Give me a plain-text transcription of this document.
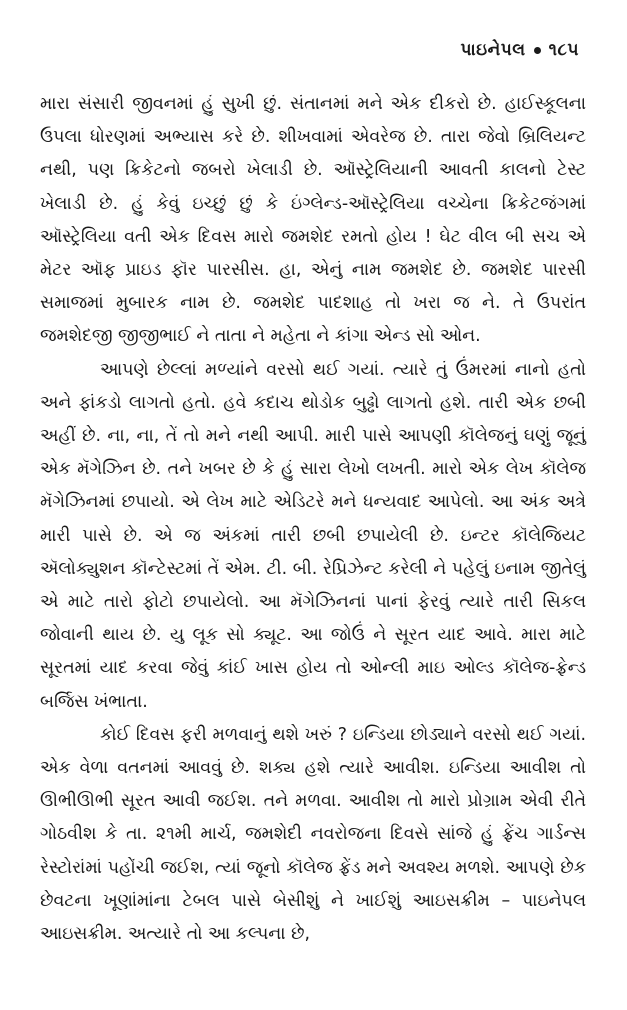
પાઇનેપલ ૧૮૫

મારા સંસારી જીવનમાં હું સુખી છું. સંતાનમાં મને એક દીકરો છે. હાઈસ્કૂલના ઉપલા ધોરણમાં અભ્યાસ કરે છે. શીખવામાં એવરેજ છે. તારા જેવો બ્રિલિયન્ટ નથી, પણ ક્રિકેટનો જબરો ખેલાડી છે. ઑસ્ટ્રેલિયાની આવતી કાલનો ટેસ્ટ ખેલાડી છે. હું કેવું ઇચ્છું છું કે ઇંગ્લેન્ડ-ઑસ્ટ્રેલિયા વચ્ચેના ક્રિકેટજંગમાં ઑસ્ટ્રેલિયા વતી એક દિવસ મારો જમશેદ રમતો હોય ! ઘેટ વીલ બી સચ એ મેટર ઑફ પ્રાઇડ ફૉર પારસીસ. હા, એનું નામ જમશેદ છે. જમશેદ પારસી સમાજમાં મુબારક નામ છે. જમશેદ પાદશાહ તો ખરા જ ને. તે ઉપરાંત જમશેદજી જીજીભાઈ ને તાતા ને મહેતા ને કાંગા એન્ડ સો ઓન.

આપણે છેલ્લાં મળ્યાંને વરસો થઈ ગયાં. ત્યારે તું ઉંમરમાં નાનો હતો અને ફાંકડો લાગતો હતો. હવે કદાચ થોડોક બુઢ્ઢો લાગતો હશે. તારી એક છબી અહીં છે. ના, ના, તેં તો મને નથી આપી. મારી પાસે આપણી કૉલેજનું ઘણું જૂનું એક મૅગેઝિન છે. તને ખબર છે કે હું સારા લેખો લખતી. મારો એક લેખ કૉલેજ મૅગેઝિનમાં છપાયો. એ લેખ માટે એડિટરે મને ધન્યવાદ આપેલો. આ અંક અત્રે મારી પાસે છે. એ જ અંકમાં તારી છબી છપાયેલી છે. ઇન્ટર કૉલેજિયટ ઍલોક્યુશન કૉન્ટેસ્ટમાં તેં એમ. ટી. બી. રેપ્રિઝેન્ટ કરેલી ને પહેલું ઇનામ જીતેલું એ માટે તારો ફોટો છપાયેલો. આ મૅગેઝિનનાં પાનાં ફેરવું ત્યારે તારી સિકલ જોવાની થાય છે. યુ લૂક સો ક્યૂટ. આ જોઉં ને સૂરત યાદ આવે. મારા માટે સૂરતમાં યાદ કરવા જેવું કાંઈ ખાસ હોય તો ઓન્લી માઇ ઓલ્ડ કૉલેજ-ફ્રેન્ડ બર્જિસ ખંભાતા.

કોઈ દિવસ ફરી મળવાનું થશે ખરું ? ઇન્ડિયા છોડ્યાને વરસો થઈ ગયાં. એક વેળા વતનમાં આવવું છે. શક્ય હશે ત્યારે આવીશ. ઇન્ડિયા આવીશ તો ઊભીઊભી સૂરત આવી જઈશ. તને મળવા. આવીશ તો મારો પ્રોગ્રામ એવી રીતે ગોઠવીશ કે તા. ૨૧મી માર્ચ, જમશેદી નવરોજના દિવસે સાંજે હું ફ્રેંચ ગાર્ડન્સ રેસ્ટોરાંમાં પહોંચી જઈશ, ત્યાં જૂનો કૉલેજ ફ્રેંડ મને અવશ્ય મળશે. આપણે છેક છેવટના ખૂણાંમાંના ટેબલ પાસે બેસીશું ને ખાઈશું આઇસક્રીમ – પાઇનેપલ આઇસક્રીમ. અત્યારે તો આ કલ્પના છે,
